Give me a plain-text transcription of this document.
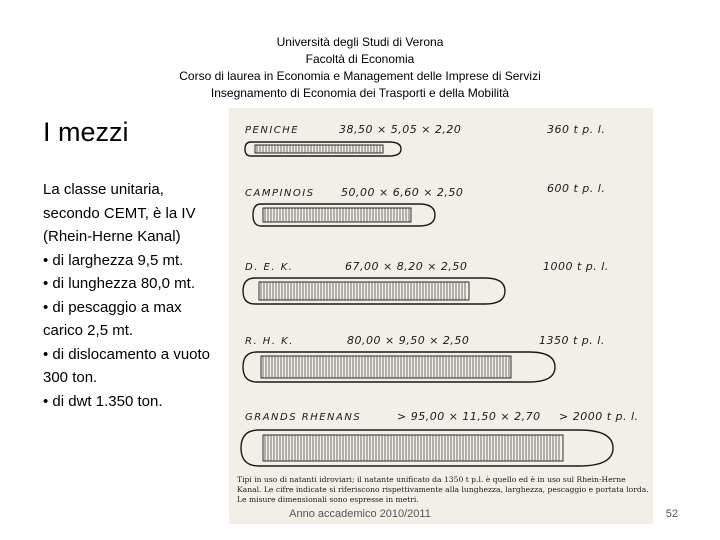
Università degli Studi di Verona
Facoltà di Economia
Corso di laurea in Economia e Management delle Imprese di Servizi
Insegnamento di Economia dei Trasporti e della Mobilità
I mezzi

La classe unitaria, secondo CEMT, è la IV (Rhein-Herne Kanal)

• di larghezza 9,5 mt.

• di lunghezza 80,0 mt.

• di pescaggio a max carico 2,5 mt.

• di dislocamento a vuoto 300 ton.

• di dwt 1.350 ton.

PENICHE	38,50 × 5,05 × 2,20	360 t p. l.
CAMPINOIS 50,00 × 6,60 × 2,50	600 t p. l.
D. E. K.	67,00 × 8,20 × 2,50	1000 t p. l.
R. H. K.	80,00 × 9,50 × 2,50	1350 t p. l.
GRANDS RHENANS	> 95,00 × 11,50 × 2,70 > 2000 t p. l.
Tipi in uso di natanti idroviari; il natante unificato da 1350 t p.l. è quello ed è in uso sul Rhein-Herne
Kanal. Le cifre indicate si riferiscono rispettivamente alla lunghezza, larghezza, pescaggio e portata lorda.
Le misure dimensionali sono espresse in metri.
Anno accademico 2010/2011	52
